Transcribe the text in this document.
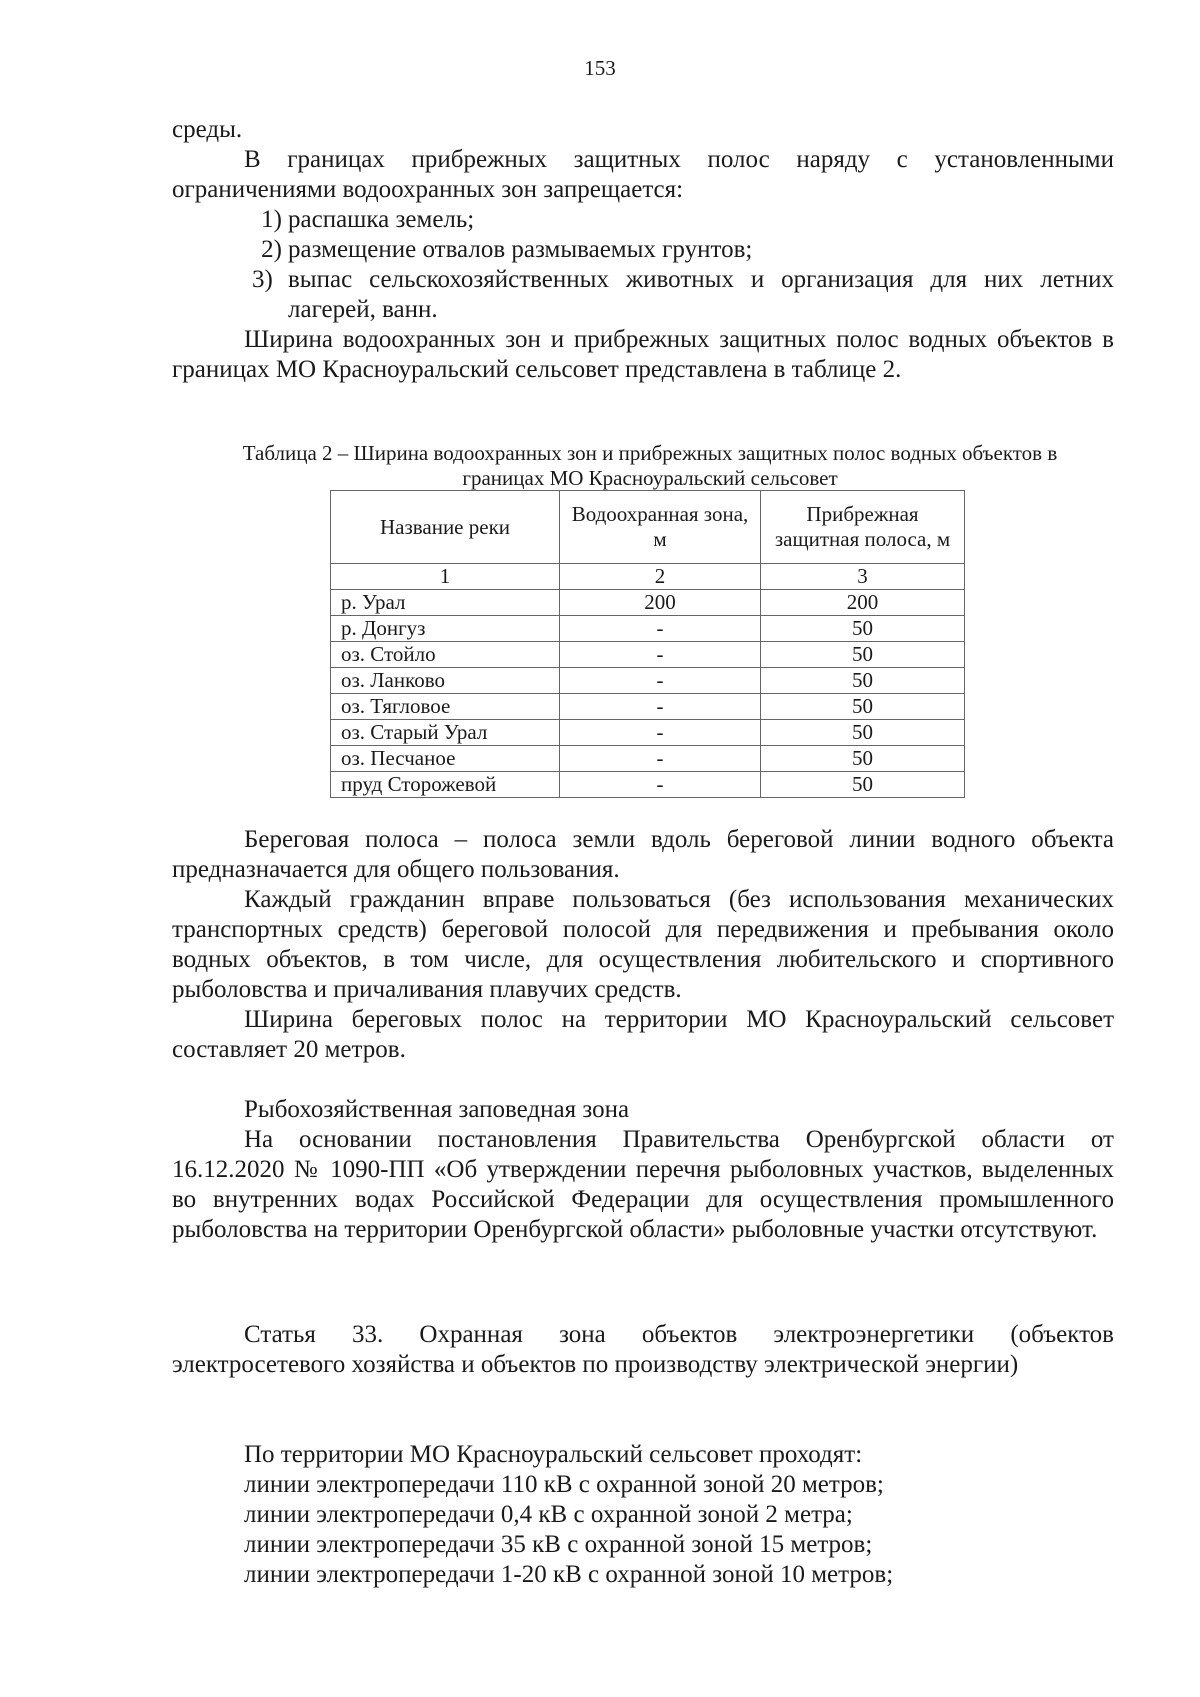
153
среды.
В границах прибрежных защитных полос наряду с установленными ограничениями водоохранных зон запрещается:
1) распашка земель;
2) размещение отвалов размываемых грунтов;
3) выпас сельскохозяйственных животных и организация для них летних лагерей, ванн.
Ширина водоохранных зон и прибрежных защитных полос водных объектов в границах МО Красноуральский сельсовет представлена в таблице 2.
Таблица 2 – Ширина водоохранных зон и прибрежных защитных полос водных объектов в границах МО Красноуральский сельсовет
Название реки	Водоохранная зона, м	Прибрежная защитная полоса, м
1	2	3
р. Урал	200	200
р. Донгуз	-	50
оз. Стойло	-	50
оз. Ланково	-	50
оз. Тягловое	-	50
оз. Старый Урал	-	50
оз. Песчаное	-	50
пруд Сторожевой	-	50
Береговая полоса – полоса земли вдоль береговой линии водного объекта предназначается для общего пользования.
Каждый гражданин вправе пользоваться (без использования механических транспортных средств) береговой полосой для передвижения и пребывания около водных объектов, в том числе, для осуществления любительского и спортивного рыболовства и причаливания плавучих средств.
Ширина береговых полос на территории МО Красноуральский сельсовет составляет 20 метров.
Рыбохозяйственная заповедная зона
На основании постановления Правительства Оренбургской области от 16.12.2020 № 1090-ПП «Об утверждении перечня рыболовных участков, выделенных во внутренних водах Российской Федерации для осуществления промышленного рыболовства на территории Оренбургской области» рыболовные участки отсутствуют.
Статья 33. Охранная зона объектов электроэнергетики (объектов электросетевого хозяйства и объектов по производству электрической энергии)
По территории МО Красноуральский сельсовет проходят:
линии электропередачи 110 кВ с охранной зоной 20 метров;
линии электропередачи 0,4 кВ с охранной зоной 2 метра;
линии электропередачи 35 кВ с охранной зоной 15 метров;
линии электропередачи 1-20 кВ с охранной зоной 10 метров;
